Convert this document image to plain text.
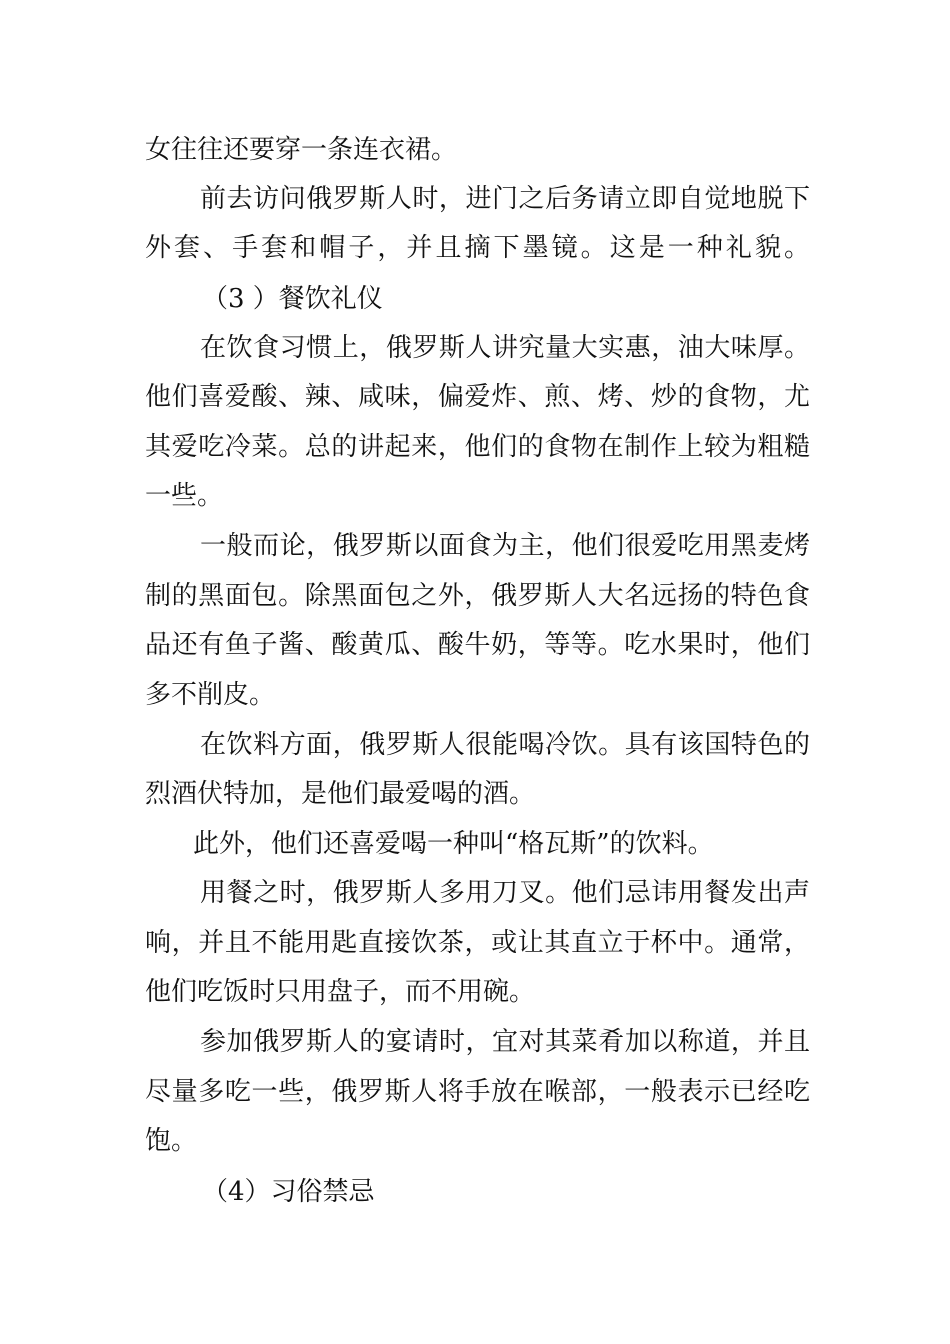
女往往还要穿一条连衣裙。
前去访问俄罗斯人时，进门之后务请立即自觉地脱下
外套、手套和帽子，并且摘下墨镜。这是一种礼貌。
（3 ）餐饮礼仪
在饮食习惯上，俄罗斯人讲究量大实惠，油大味厚。
他们喜爱酸、辣、咸味，偏爱炸、煎、烤、炒的食物，尤
其爱吃冷菜。总的讲起来，他们的食物在制作上较为粗糙
一些。
一般而论，俄罗斯以面食为主，他们很爱吃用黑麦烤
制的黑面包。除黑面包之外，俄罗斯人大名远扬的特色食
品还有鱼子酱、酸黄瓜、酸牛奶，等等。吃水果时，他们
多不削皮。
在饮料方面，俄罗斯人很能喝冷饮。具有该国特色的
烈酒伏特加，是他们最爱喝的酒。
此外，他们还喜爱喝一种叫“格瓦斯”的饮料。
用餐之时，俄罗斯人多用刀叉。他们忌讳用餐发出声
响，并且不能用匙直接饮茶，或让其直立于杯中。通常，
他们吃饭时只用盘子，而不用碗。
参加俄罗斯人的宴请时，宜对其菜肴加以称道，并且
尽量多吃一些，俄罗斯人将手放在喉部，一般表示已经吃
饱。
（4）习俗禁忌
